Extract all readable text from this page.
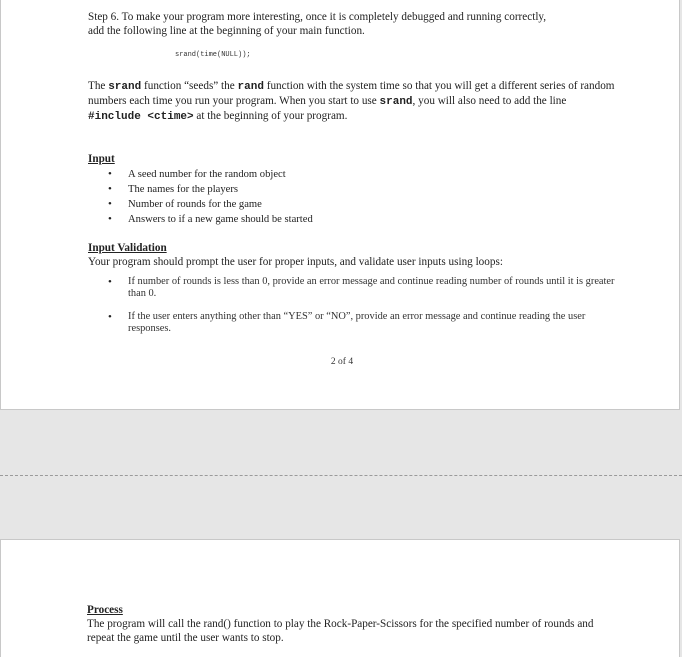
Step 6. To make your program more interesting, once it is completely debugged and running correctly,
add the following line at the beginning of your main function.
srand(time(NULL));
The srand function “seeds” the rand function with the system time so that you will get a different series of random numbers each time you run your program. When you start to use srand, you will also need to add the line #include <ctime> at the beginning of your program.
Input
• A seed number for the random object
• The names for the players
• Number of rounds for the game
• Answers to if a new game should be started
Input Validation
Your program should prompt the user for proper inputs, and validate user inputs using loops:
• If number of rounds is less than 0, provide an error message and continue reading number of rounds until it is greater than 0.
• If the user enters anything other than “YES” or “NO”, provide an error message and continue reading the user responses.
2 of 4
Process
The program will call the rand() function to play the Rock-Paper-Scissors for the specified number of rounds and repeat the game until the user wants to stop.
